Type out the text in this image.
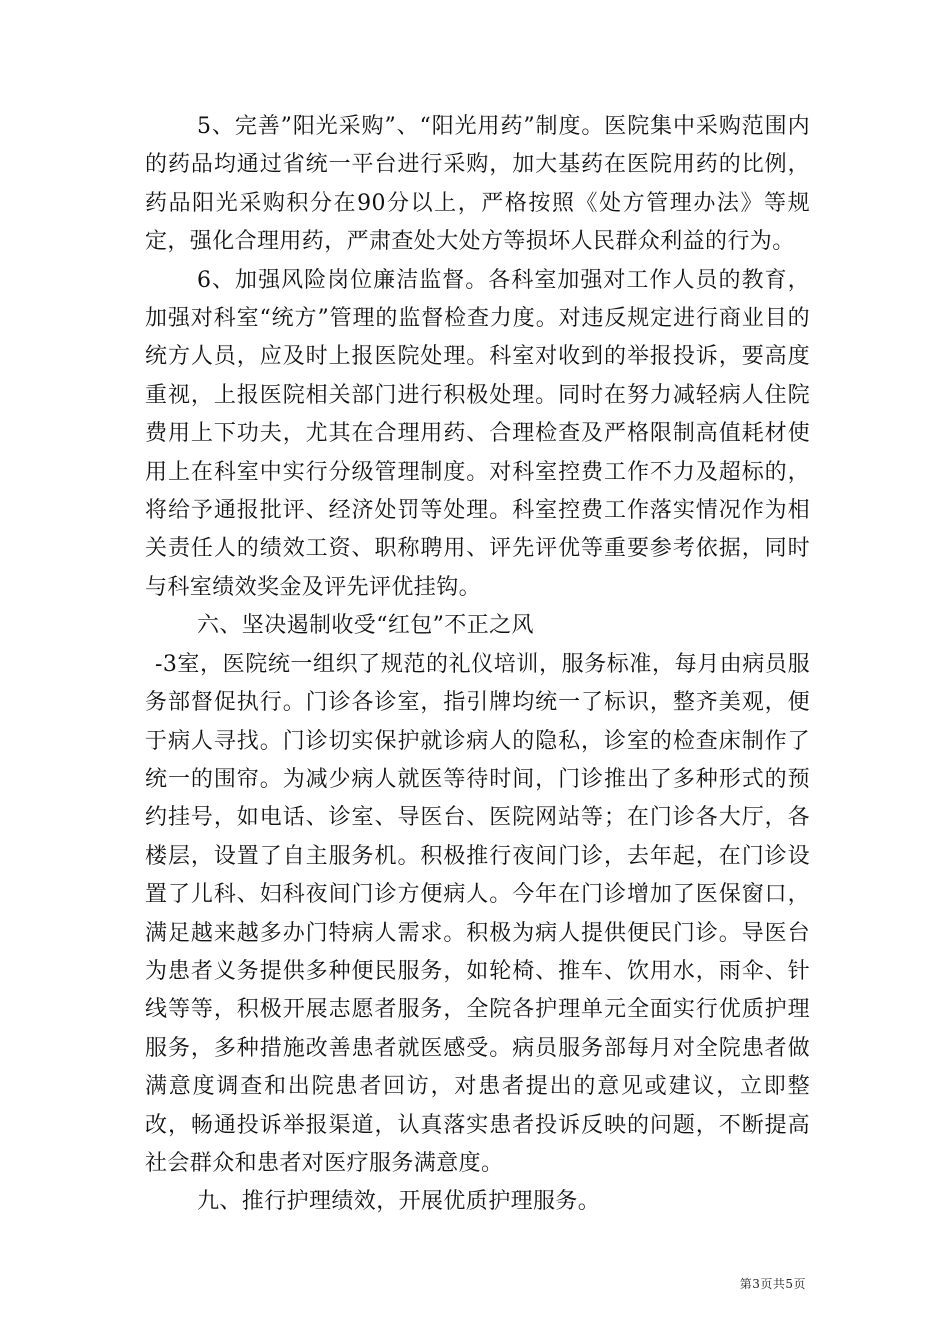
5、完善”阳光采购”、“阳光用药”制度。医院集中采购范围内的药品均通过省统一平台进行采购，加大基药在医院用药的比例，药品阳光采购积分在90分以上，严格按照《处方管理办法》等规定，强化合理用药，严肃查处大处方等损坏人民群众利益的行为。

6、加强风险岗位廉洁监督。各科室加强对工作人员的教育，加强对科室“统方”管理的监督检查力度。对违反规定进行商业目的统方人员，应及时上报医院处理。科室对收到的举报投诉，要高度重视，上报医院相关部门进行积极处理。同时在努力减轻病人住院费用上下功夫，尤其在合理用药、合理检查及严格限制高值耗材使用上在科室中实行分级管理制度。对科室控费工作不力及超标的，将给予通报批评、经济处罚等处理。科室控费工作落实情况作为相关责任人的绩效工资、职称聘用、评先评优等重要参考依据，同时与科室绩效奖金及评先评优挂钩。

六、坚决遏制收受“红包”不正之风

-3室，医院统一组织了规范的礼仪培训，服务标准，每月由病员服务部督促执行。门诊各诊室，指引牌均统一了标识，整齐美观，便于病人寻找。门诊切实保护就诊病人的隐私，诊室的检查床制作了统一的围帘。为减少病人就医等待时间，门诊推出了多种形式的预约挂号，如电话、诊室、导医台、医院网站等；在门诊各大厅，各楼层，设置了自主服务机。积极推行夜间门诊，去年起，在门诊设置了儿科、妇科夜间门诊方便病人。今年在门诊增加了医保窗口，满足越来越多办门特病人需求。积极为病人提供便民门诊。导医台为患者义务提供多种便民服务，如轮椅、推车、饮用水，雨伞、针线等等，积极开展志愿者服务，全院各护理单元全面实行优质护理服务，多种措施改善患者就医感受。病员服务部每月对全院患者做满意度调查和出院患者回访，对患者提出的意见或建议，立即整改，畅通投诉举报渠道，认真落实患者投诉反映的问题，不断提高社会群众和患者对医疗服务满意度。

九、推行护理绩效，开展优质护理服务。

第3页共5页
